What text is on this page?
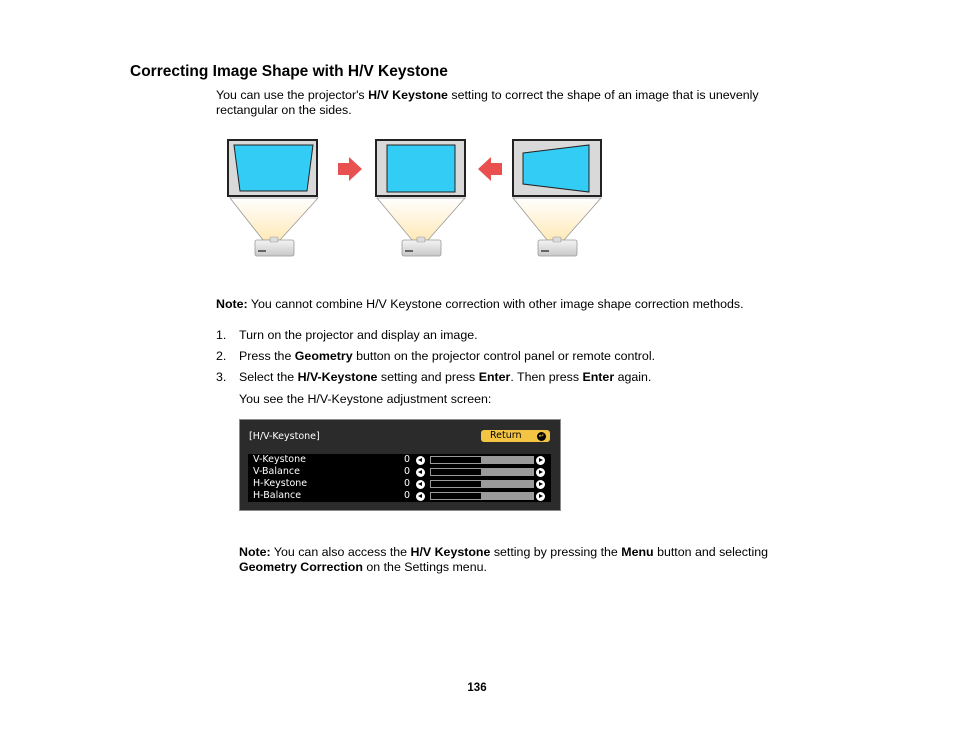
Correcting Image Shape with H/V Keystone
You can use the projector's H/V Keystone setting to correct the shape of an image that is unevenly
rectangular on the sides.
Note: You cannot combine H/V Keystone correction with other image shape correction methods.
1. Turn on the projector and display an image.
2. Press the Geometry button on the projector control panel or remote control.
3. Select the H/V-Keystone setting and press Enter. Then press Enter again.
You see the H/V-Keystone adjustment screen:
[H/V-Keystone]	Return ↵
V-Keystone	0
V-Balance	0
H-Keystone	0
H-Balance	0
Note: You can also access the H/V Keystone setting by pressing the Menu button and selecting
Geometry Correction on the Settings menu.
136
